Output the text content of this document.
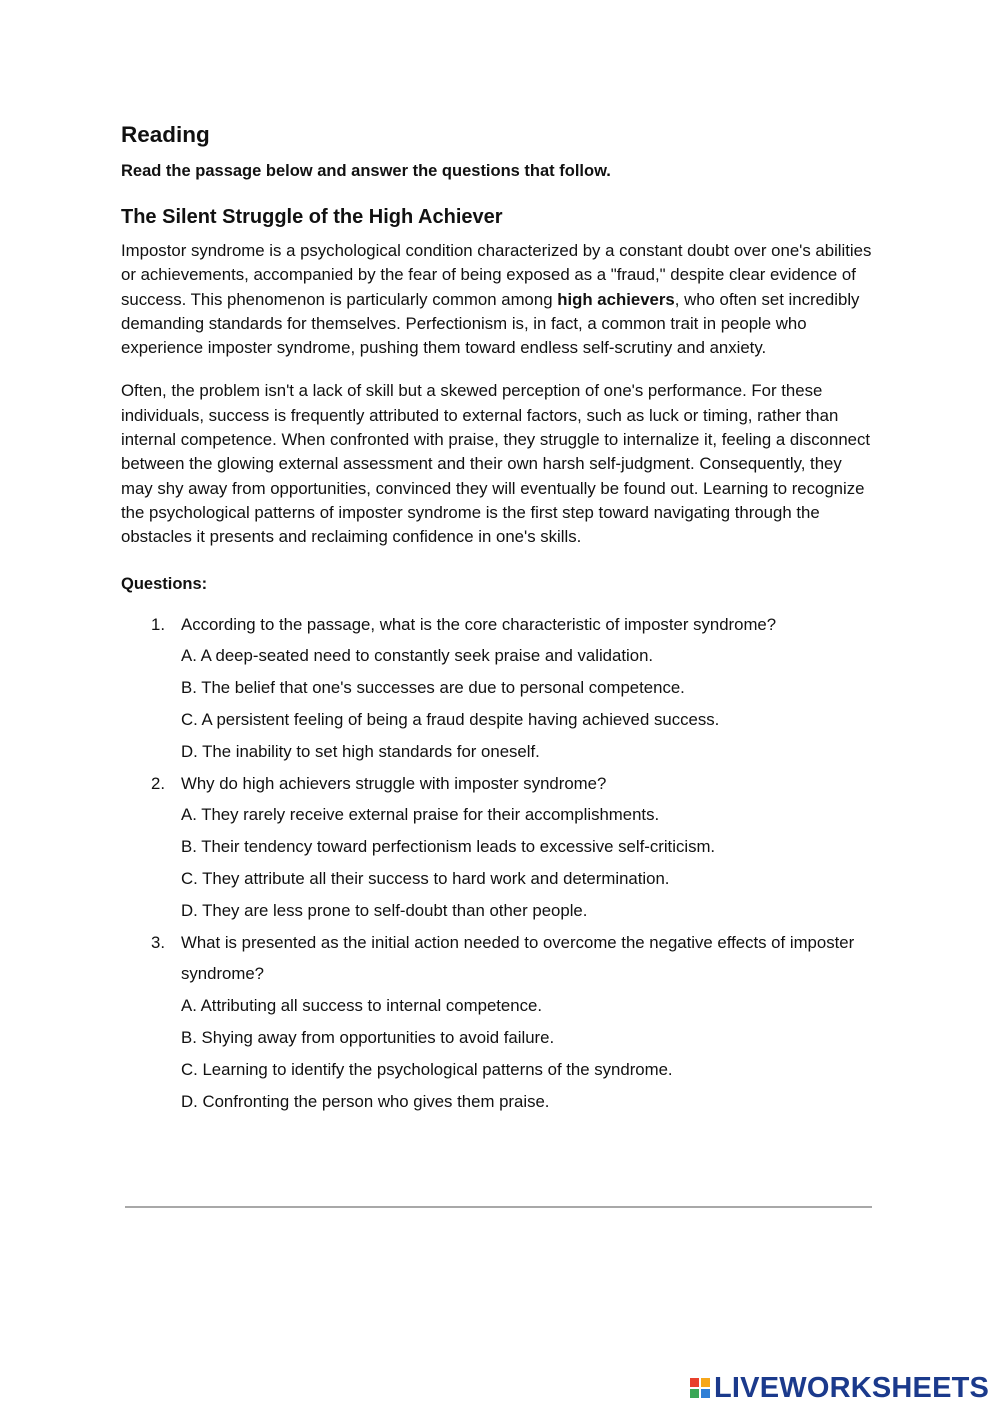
Reading

Read the passage below and answer the questions that follow.

The Silent Struggle of the High Achiever

Impostor syndrome is a psychological condition characterized by a constant doubt over one's abilities or achievements, accompanied by the fear of being exposed as a "fraud," despite clear evidence of success. This phenomenon is particularly common among high achievers, who often set incredibly demanding standards for themselves. Perfectionism is, in fact, a common trait in people who experience imposter syndrome, pushing them toward endless self-scrutiny and anxiety.

Often, the problem isn't a lack of skill but a skewed perception of one's performance. For these individuals, success is frequently attributed to external factors, such as luck or timing, rather than internal competence. When confronted with praise, they struggle to internalize it, feeling a disconnect between the glowing external assessment and their own harsh self-judgment. Consequently, they may shy away from opportunities, convinced they will eventually be found out. Learning to recognize the psychological patterns of imposter syndrome is the first step toward navigating through the obstacles it presents and reclaiming confidence in one's skills.

Questions:

1. According to the passage, what is the core characteristic of imposter syndrome?
A. A deep-seated need to constantly seek praise and validation.
B. The belief that one's successes are due to personal competence.
C. A persistent feeling of being a fraud despite having achieved success.
D. The inability to set high standards for oneself.
2. Why do high achievers struggle with imposter syndrome?
A. They rarely receive external praise for their accomplishments.
B. Their tendency toward perfectionism leads to excessive self-criticism.
C. They attribute all their success to hard work and determination.
D. They are less prone to self-doubt than other people.
3. What is presented as the initial action needed to overcome the negative effects of imposter syndrome?
A. Attributing all success to internal competence.
B. Shying away from opportunities to avoid failure.
C. Learning to identify the psychological patterns of the syndrome.
D. Confronting the person who gives them praise.
LIVEWORKSHEETS
